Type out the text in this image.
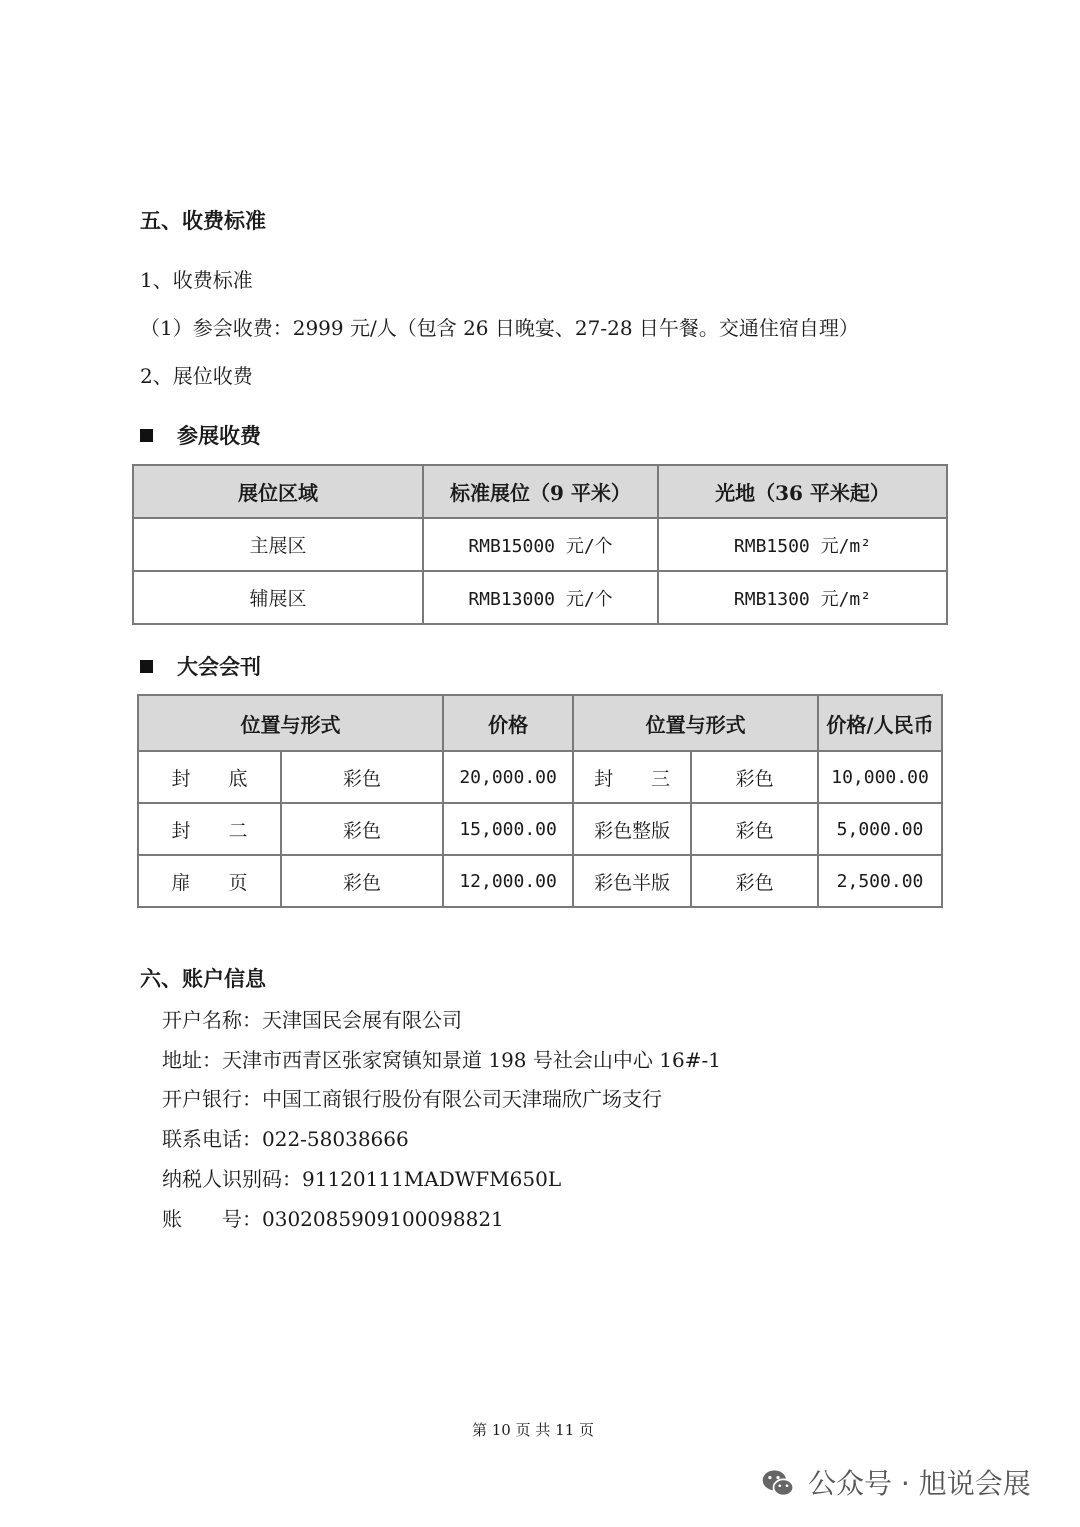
五、收费标准
1、收费标准
（1）参会收费：2999 元/人（包含 26 日晚宴、27-28 日午餐。交通住宿自理）
2、展位收费
参展收费
展位区域	标准展位（9 平米）	光地（36 平米起）
主展区	RMB15000 元/个	RMB1500 元/m²
辅展区	RMB13000 元/个	RMB1300 元/m²
大会会刊
位置与形式		价格	位置与形式		价格/人民币
封　　底	彩色	20,000.00	封　　三	彩色	10,000.00
封　　二	彩色	15,000.00	彩色整版	彩色	5,000.00
扉　　页	彩色	12,000.00	彩色半版	彩色	2,500.00
六、账户信息
开户名称：天津国民会展有限公司
地址：天津市西青区张家窝镇知景道 198 号社会山中心 16#-1
开户银行：中国工商银行股份有限公司天津瑞欣广场支行
联系电话：022-58038666
纳税人识别码：91120111MADWFM650L
账　　号：0302085909100098821
第 10 页 共 11 页
公众号 · 旭说会展
